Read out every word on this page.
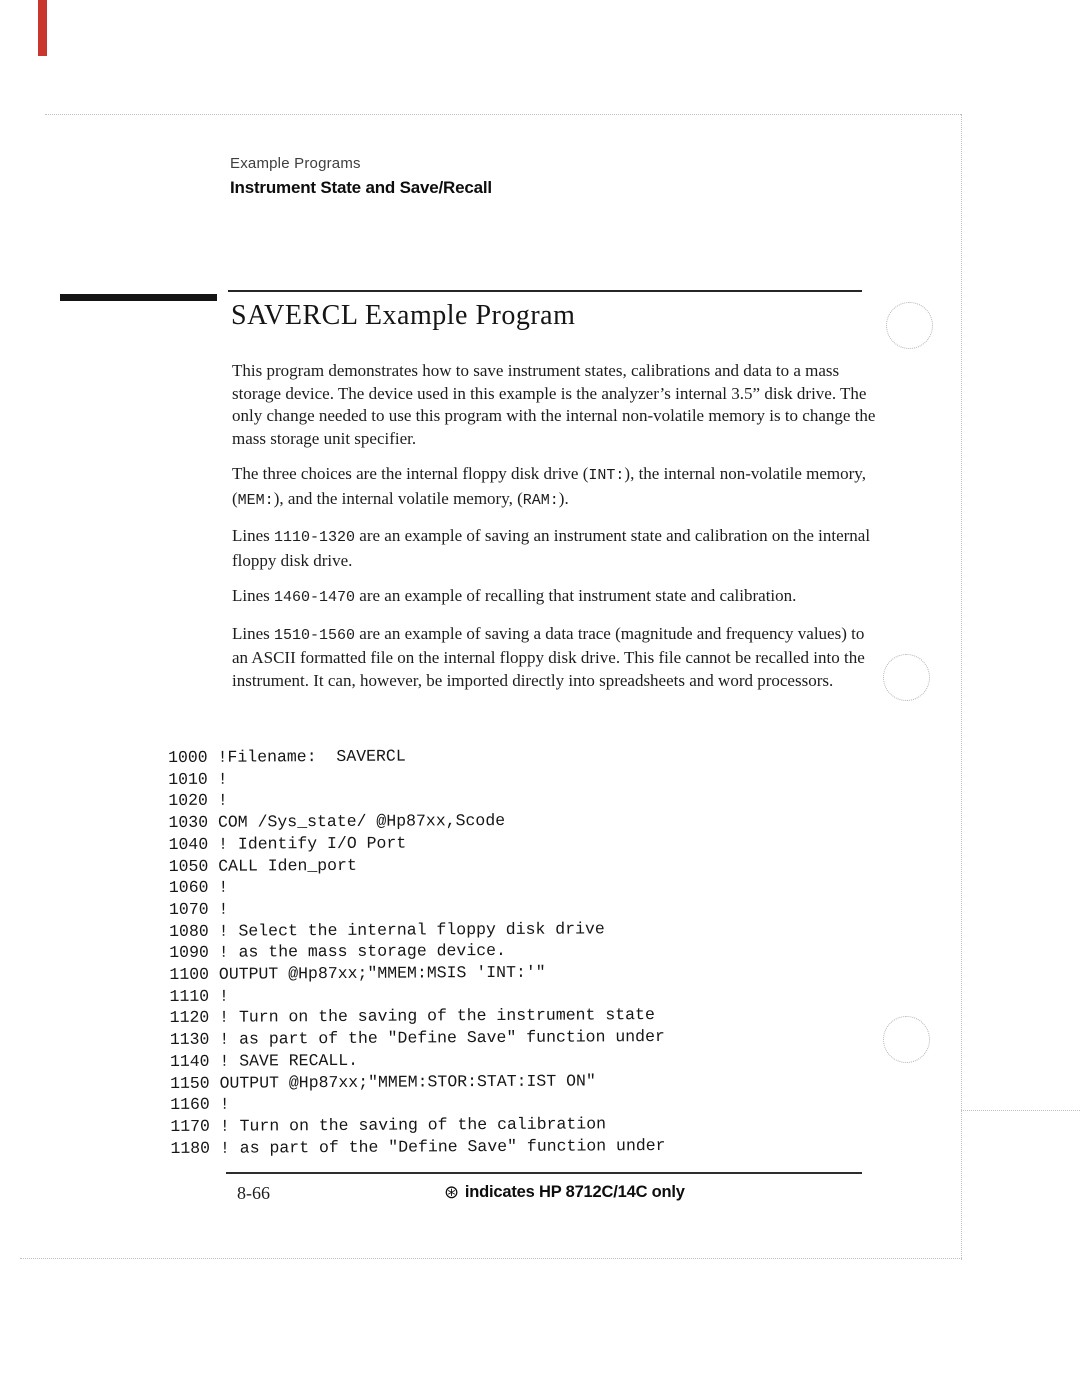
Example Programs
Instrument State and Save/Recall
SAVERCL Example Program

This program demonstrates how to save instrument states, calibrations and data to a mass storage device. The device used in this example is the analyzer’s internal 3.5” disk drive. The only change needed to use this program with the internal non-volatile memory is to change the mass storage unit specifier.

The three choices are the internal floppy disk drive (INT:), the internal non-volatile memory, (MEM:), and the internal volatile memory, (RAM:).

Lines 1110-1320 are an example of saving an instrument state and calibration on the internal floppy disk drive.

Lines 1460-1470 are an example of recalling that instrument state and calibration.

Lines 1510-1560 are an example of saving a data trace (magnitude and frequency values) to an ASCII formatted file on the internal floppy disk drive. This file cannot be recalled into the instrument. It can, however, be imported directly into spreadsheets and word processors.

1000 !Filename:  SAVERCL
1010 !
1020 !
1030 COM /Sys_state/ @Hp87xx,Scode
1040 ! Identify I/O Port
1050 CALL Iden_port
1060 !
1070 !
1080 ! Select the internal floppy disk drive
1090 ! as the mass storage device.
1100 OUTPUT @Hp87xx;"MMEM:MSIS 'INT:'"
1110 !
1120 ! Turn on the saving of the instrument state
1130 ! as part of the "Define Save" function under
1140 ! SAVE RECALL.
1150 OUTPUT @Hp87xx;"MMEM:STOR:STAT:IST ON"
1160 !
1170 ! Turn on the saving of the calibration
1180 ! as part of the "Define Save" function under
8-66	⊛ indicates HP 8712C/14C only
